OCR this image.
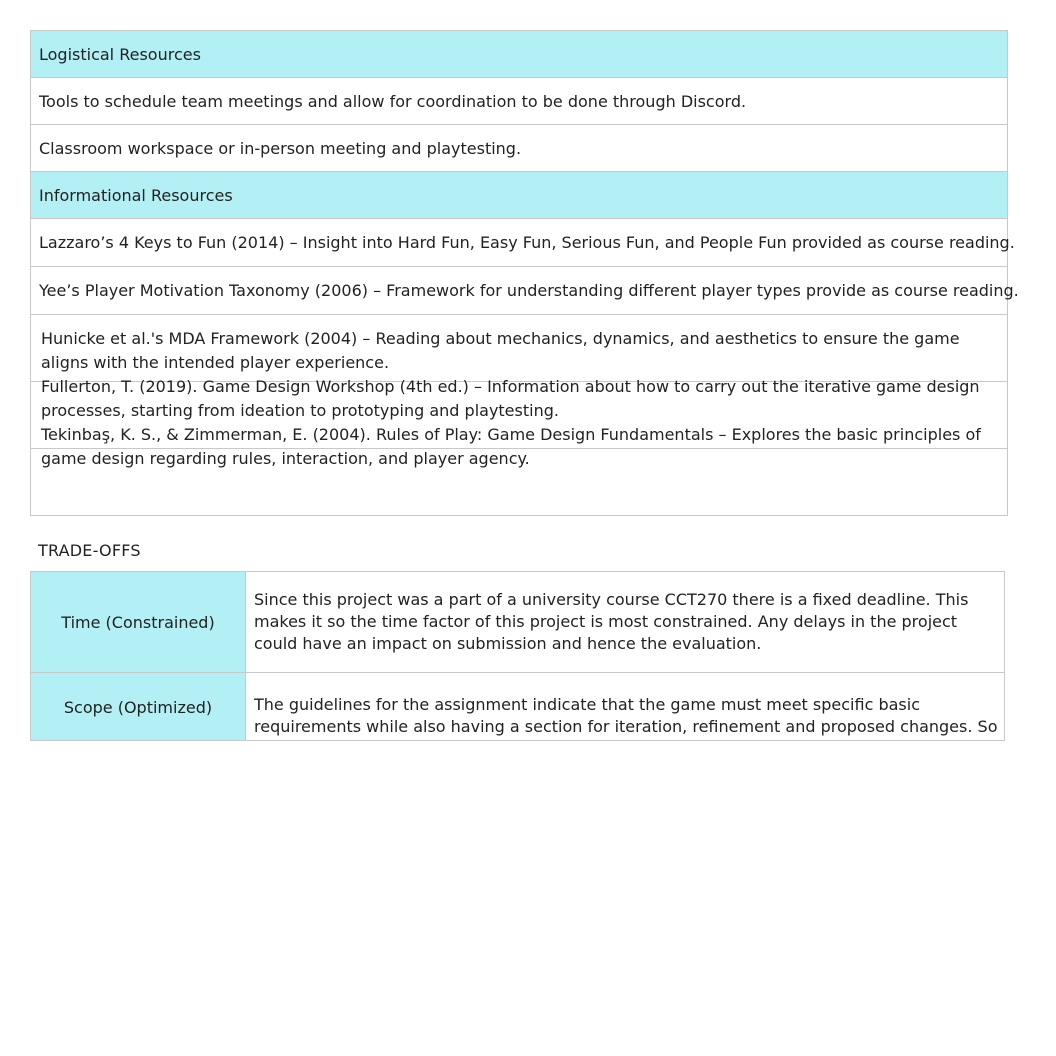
Logistical Resources
Tools to schedule team meetings and allow for coordination to be done through Discord.
Classroom workspace or in-person meeting and playtesting.
Informational Resources
Lazzaro’s 4 Keys to Fun (2014) – Insight into Hard Fun, Easy Fun, Serious Fun, and People Fun provided as course reading.
Yee’s Player Motivation Taxonomy (2006) – Framework for understanding different player types provide as course reading.

Hunicke et al.'s MDA Framework (2004) – Reading about mechanics, dynamics, and aesthetics to ensure the game aligns with the intended player experience.

Fullerton, T. (2019). Game Design Workshop (4th ed.) – Information about how to carry out the iterative game design processes, starting from ideation to prototyping and playtesting.

Tekinbaş, K. S., & Zimmerman, E. (2004). Rules of Play: Game Design Fundamentals – Explores the basic principles of game design regarding rules, interaction, and player agency.

TRADE-OFFS
Time (Constrained)
Since this project was a part of a university course CCT270 there is a fixed deadline. This makes it so the time factor of this project is most constrained. Any delays in the project could have an impact on submission and hence the evaluation.
Scope (Optimized)	The guidelines for the assignment indicate that the game must meet specific basic requirements while also having a section for iteration, refinement and proposed changes. So
